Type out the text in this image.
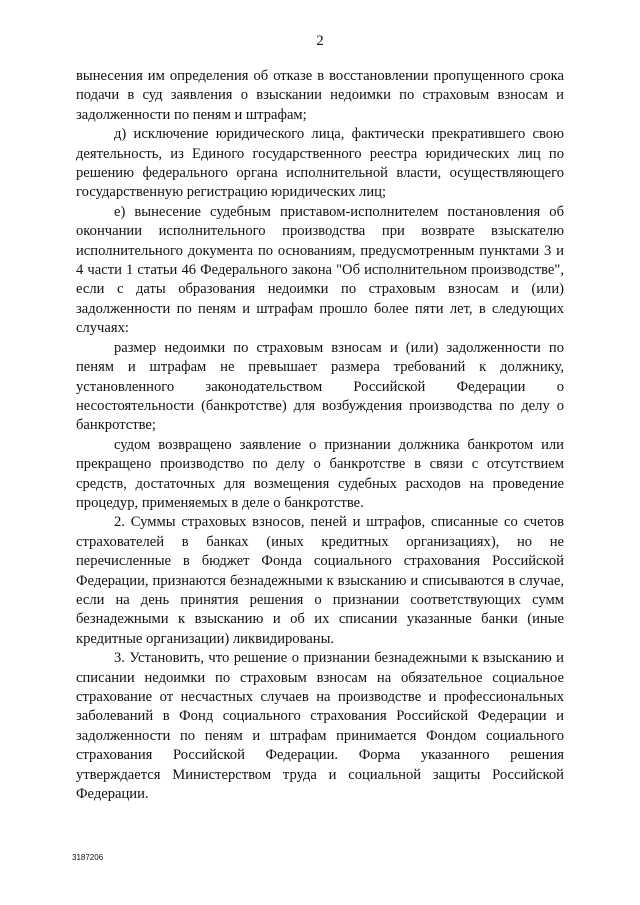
2

вынесения им определения об отказе в восстановлении пропущенного срока подачи в суд заявления о взыскании недоимки по страховым взносам и задолженности по пеням и штрафам;

д) исключение юридического лица, фактически прекратившего свою деятельность, из Единого государственного реестра юридических лиц по решению федерального органа исполнительной власти, осуществляющего государственную регистрацию юридических лиц;

е) вынесение судебным приставом-исполнителем постановления об окончании исполнительного производства при возврате взыскателю исполнительного документа по основаниям, предусмотренным пунктами 3 и 4 части 1 статьи 46 Федерального закона "Об исполнительном производстве", если с даты образования недоимки по страховым взносам и (или) задолженности по пеням и штрафам прошло более пяти лет, в следующих случаях:

размер недоимки по страховым взносам и (или) задолженности по пеням и штрафам не превышает размера требований к должнику, установленного законодательством Российской Федерации о несостоятельности (банкротстве) для возбуждения производства по делу о банкротстве;

судом возвращено заявление о признании должника банкротом или прекращено производство по делу о банкротстве в связи с отсутствием средств, достаточных для возмещения судебных расходов на проведение процедур, применяемых в деле о банкротстве.

2. Суммы страховых взносов, пеней и штрафов, списанные со счетов страхователей в банках (иных кредитных организациях), но не перечисленные в бюджет Фонда социального страхования Российской Федерации, признаются безнадежными к взысканию и списываются в случае, если на день принятия решения о признании соответствующих сумм безнадежными к взысканию и об их списании указанные банки (иные кредитные организации) ликвидированы.

3. Установить, что решение о признании безнадежными к взысканию и списании недоимки по страховым взносам на обязательное социальное страхование от несчастных случаев на производстве и профессиональных заболеваний в Фонд социального страхования Российской Федерации и задолженности по пеням и штрафам принимается Фондом социального страхования Российской Федерации. Форма указанного решения утверждается Министерством труда и социальной защиты Российской Федерации.

3187206
